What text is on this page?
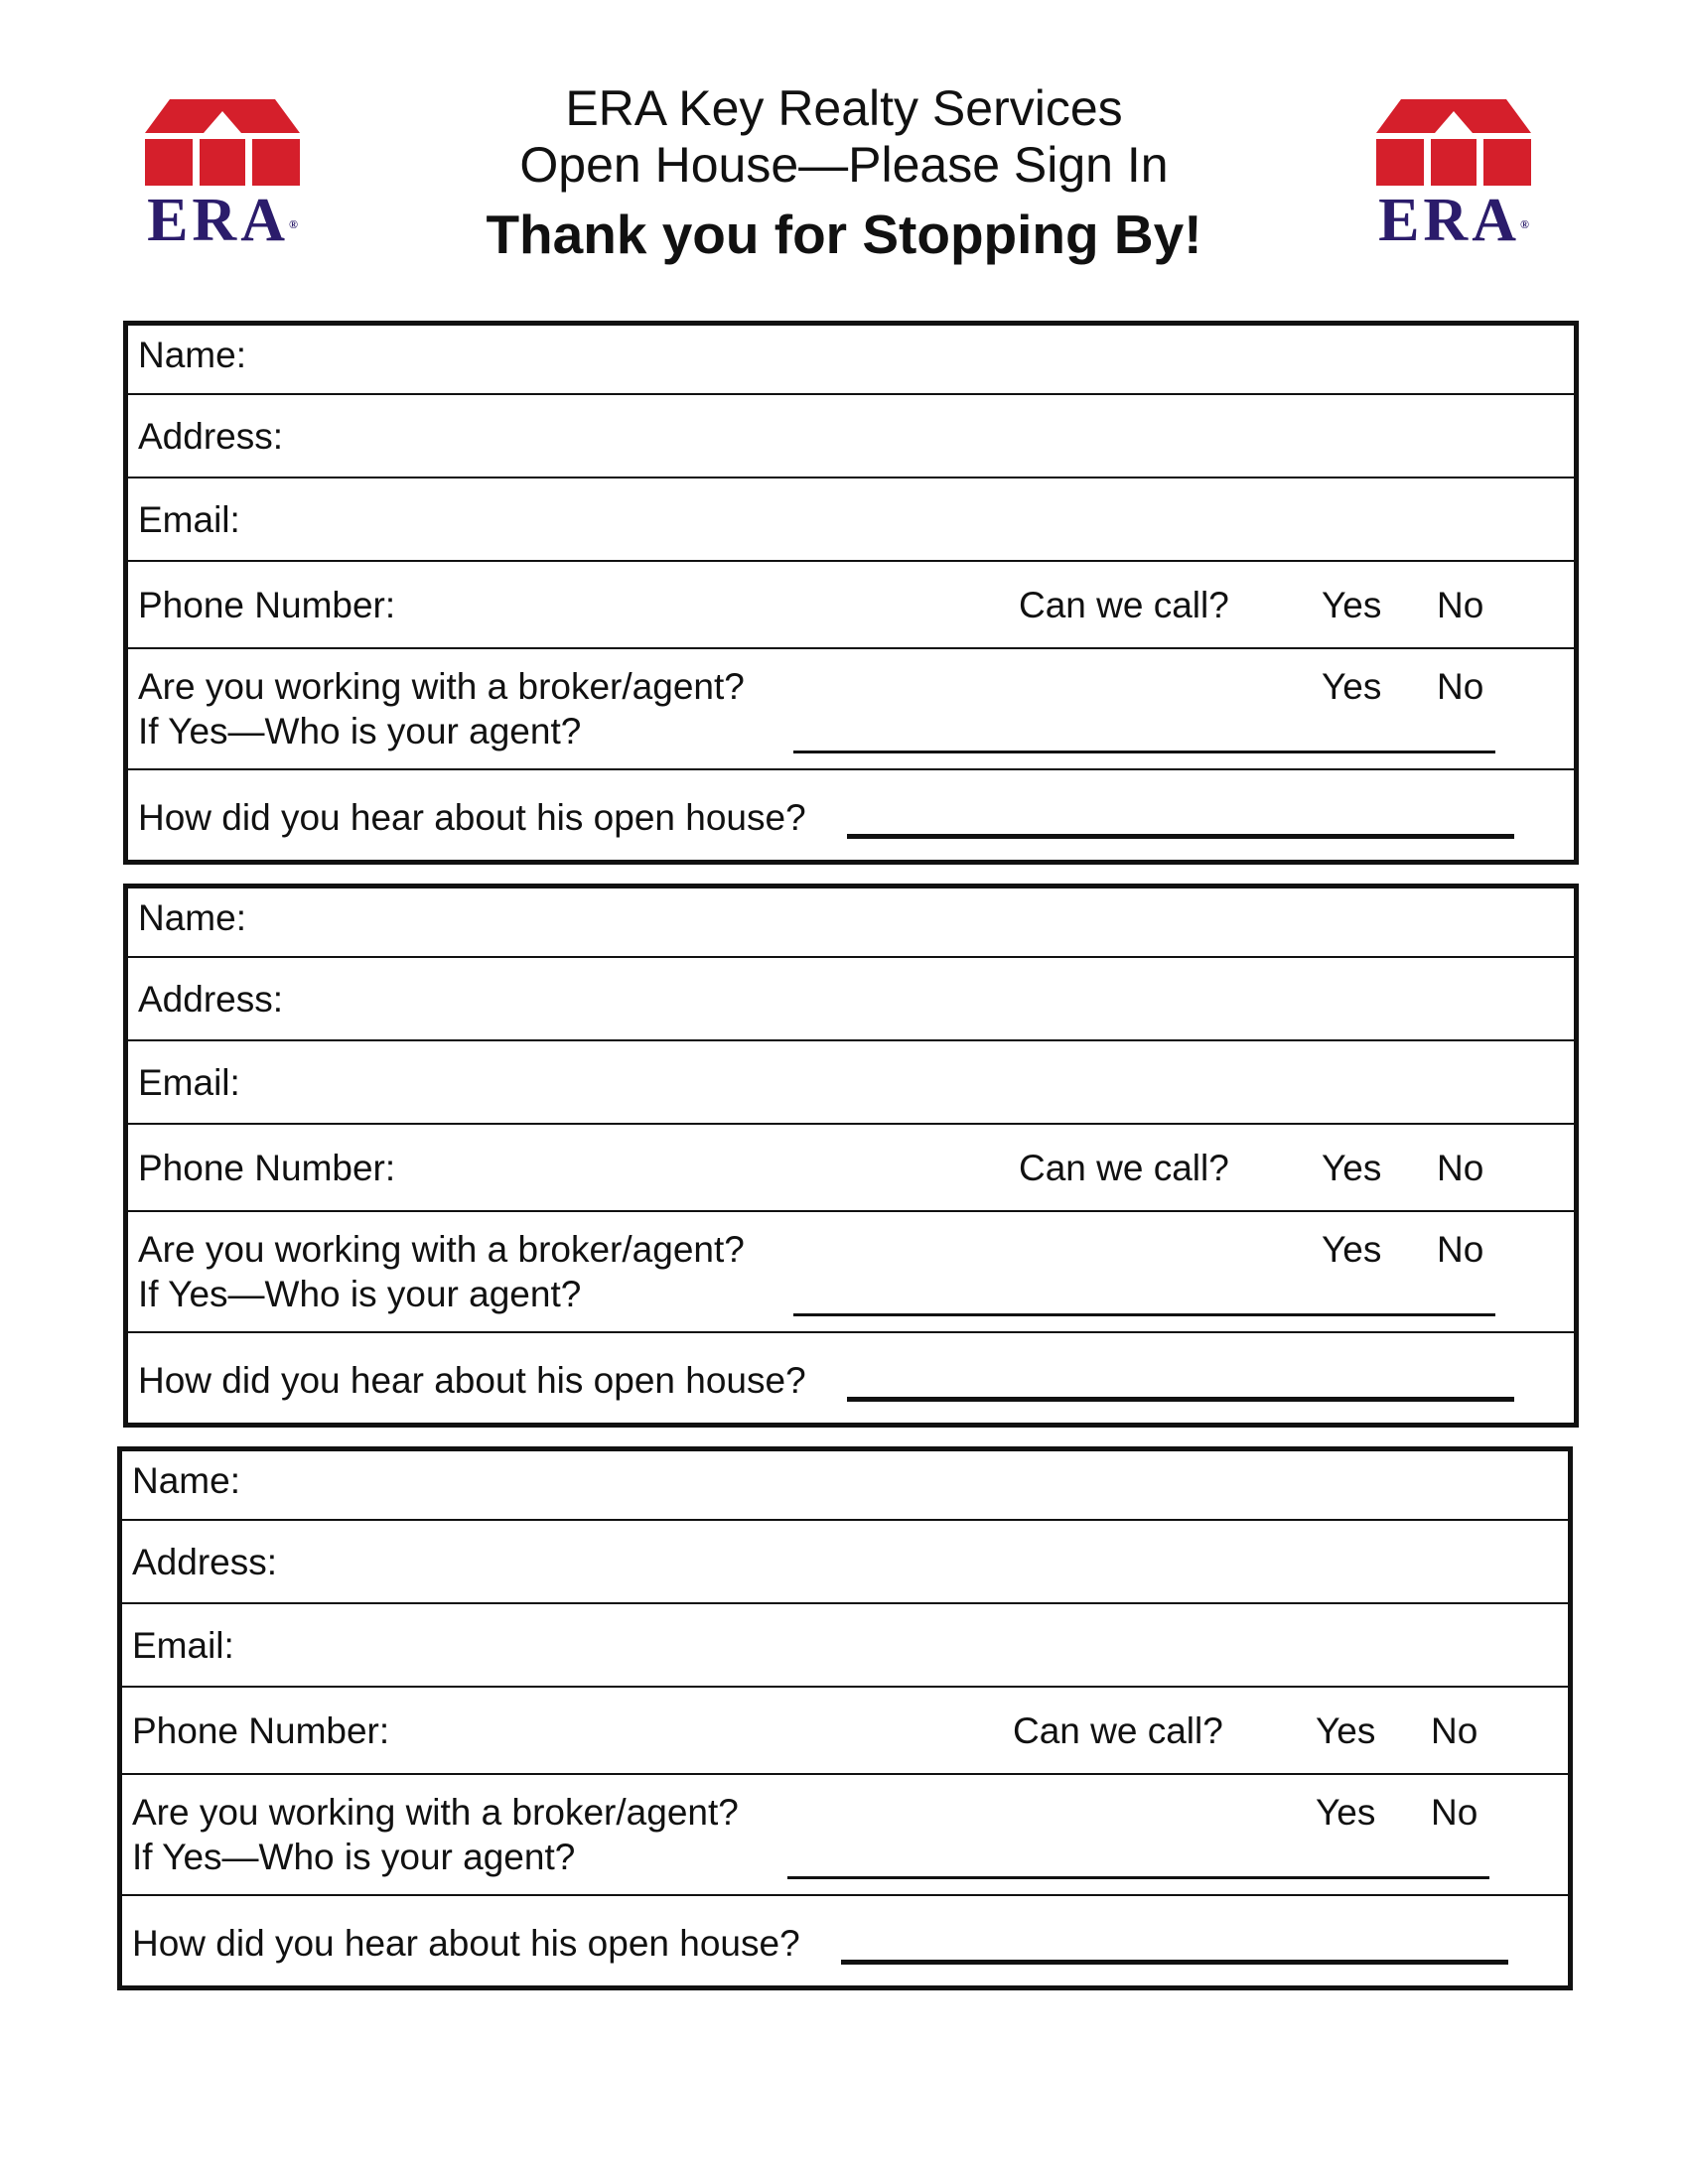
ERA®	ERA®
ERA Key Realty Services
Open House—Please Sign In
Thank you for Stopping By!
Name:
Address:
Email:
Phone Number:	Can we call?	Yes No
Are you working with a broker/agent?
If Yes—Who is your agent?
Yes No
How did you hear about his open house?
Name:
Address:
Email:
Phone Number:	Can we call?	Yes No
Are you working with a broker/agent?
If Yes—Who is your agent?
Yes No
How did you hear about his open house?
Name:
Address:
Email:
Phone Number:	Can we call?	Yes No
Are you working with a broker/agent?
If Yes—Who is your agent?
Yes No
How did you hear about his open house?
